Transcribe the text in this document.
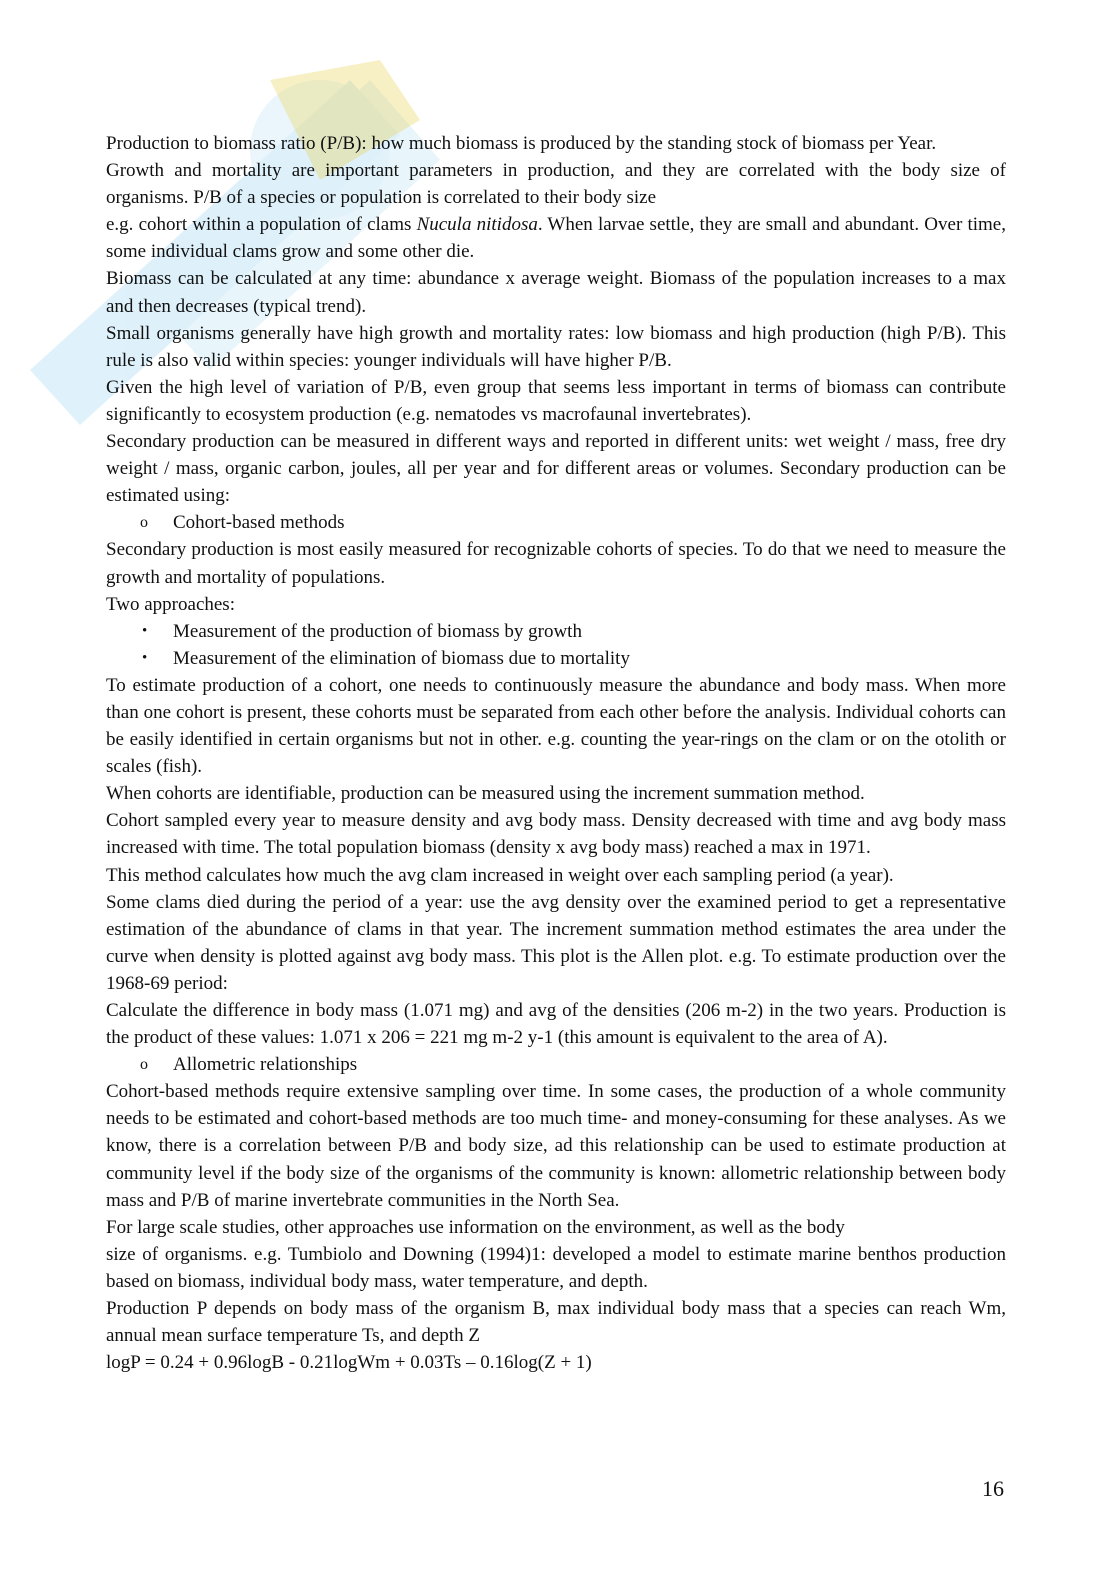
Production to biomass ratio (P/B): how much biomass is produced by the standing stock of biomass per Year.

Growth and mortality are important parameters in production, and they are correlated with the body size of organisms. P/B of a species or population is correlated to their body size

e.g. cohort within a population of clams Nucula nitidosa. When larvae settle, they are small and abundant. Over time, some individual clams grow and some other die.

Biomass can be calculated at any time: abundance x average weight. Biomass of the population increases to a max and then decreases (typical trend).

Small organisms generally have high growth and mortality rates: low biomass and high production (high P/B). This rule is also valid within species: younger individuals will have higher P/B.

Given the high level of variation of P/B, even group that seems less important in terms of biomass can contribute significantly to ecosystem production (e.g. nematodes vs macrofaunal invertebrates).

Secondary production can be measured in different ways and reported in different units: wet weight / mass, free dry weight / mass, organic carbon, joules, all per year and for different areas or volumes. Secondary production can be estimated using:

o Cohort-based methods

Secondary production is most easily measured for recognizable cohorts of species. To do that we need to measure the growth and mortality of populations.

Two approaches:

• Measurement of the production of biomass by growth
• Measurement of the elimination of biomass due to mortality

To estimate production of a cohort, one needs to continuously measure the abundance and body mass. When more than one cohort is present, these cohorts must be separated from each other before the analysis. Individual cohorts can be easily identified in certain organisms but not in other. e.g. counting the year-rings on the clam or on the otolith or scales (fish).

When cohorts are identifiable, production can be measured using the increment summation method.

Cohort sampled every year to measure density and avg body mass. Density decreased with time and avg body mass increased with time. The total population biomass (density x avg body mass) reached a max in 1971.

This method calculates how much the avg clam increased in weight over each sampling period (a year).

Some clams died during the period of a year: use the avg density over the examined period to get a representative estimation of the abundance of clams in that year. The increment summation method estimates the area under the curve when density is plotted against avg body mass. This plot is the Allen plot. e.g. To estimate production over the 1968-69 period:

Calculate the difference in body mass (1.071 mg) and avg of the densities (206 m-2) in the two years. Production is the product of these values: 1.071 x 206 = 221 mg m-2 y-1 (this amount is equivalent to the area of A).

o Allometric relationships

Cohort-based methods require extensive sampling over time. In some cases, the production of a whole community needs to be estimated and cohort-based methods are too much time- and money-consuming for these analyses. As we know, there is a correlation between P/B and body size, ad this relationship can be used to estimate production at community level if the body size of the organisms of the community is known: allometric relationship between body mass and P/B of marine invertebrate communities in the North Sea.

For large scale studies, other approaches use information on the environment, as well as the body

size of organisms. e.g. Tumbiolo and Downing (1994)1: developed a model to estimate marine benthos production based on biomass, individual body mass, water temperature, and depth.

Production P depends on body mass of the organism B, max individual body mass that a species can reach Wm, annual mean surface temperature Ts, and depth Z

logP = 0.24 + 0.96logB - 0.21logWm + 0.03Ts – 0.16log(Z + 1)

16
